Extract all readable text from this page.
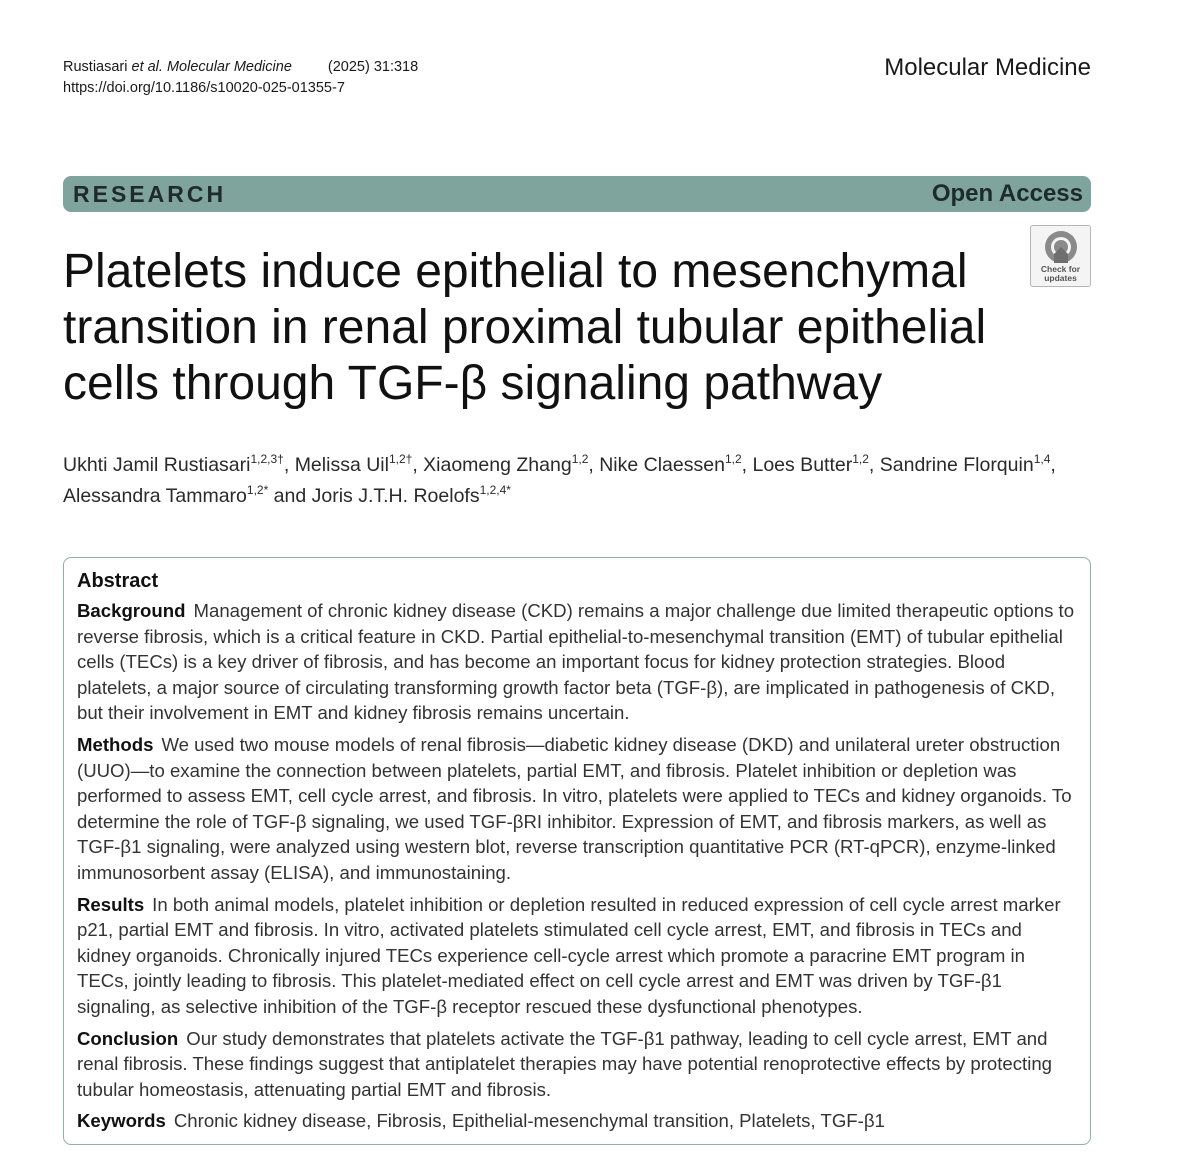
Rustiasari et al. Molecular Medicine (2025) 31:318
https://doi.org/10.1186/s10020-025-01355-7
Molecular Medicine
RESEARCH	Open Access
Check for updates
Platelets induce epithelial to mesenchymal transition in renal proximal tubular epithelial cells through TGF-β signaling pathway
Ukhti Jamil Rustiasari$^{1,2,3\dagger}$, Melissa Uil$^{1,2\dagger}$, Xiaomeng Zhang$^{1,2}$, Nike Claessen$^{1,2}$, Loes Butter$^{1,2}$, Sandrine Florquin$^{1,4}$, Alessandra Tammaro$^{1,2*}$ and Joris J.T.H. Roelofs$^{1,2,4*}$
Abstract

Background Management of chronic kidney disease (CKD) remains a major challenge due limited therapeutic options to reverse fibrosis, which is a critical feature in CKD. Partial epithelial-to-mesenchymal transition (EMT) of tubular epithelial cells (TECs) is a key driver of fibrosis, and has become an important focus for kidney protection strategies. Blood platelets, a major source of circulating transforming growth factor beta (TGF-β), are implicated in pathogenesis of CKD, but their involvement in EMT and kidney fibrosis remains uncertain.

Methods We used two mouse models of renal fibrosis—diabetic kidney disease (DKD) and unilateral ureter obstruction (UUO)—to examine the connection between platelets, partial EMT, and fibrosis. Platelet inhibition or depletion was performed to assess EMT, cell cycle arrest, and fibrosis. In vitro, platelets were applied to TECs and kidney organoids. To determine the role of TGF-β signaling, we used TGF-βRI inhibitor. Expression of EMT, and fibrosis markers, as well as TGF-β1 signaling, were analyzed using western blot, reverse transcription quantitative PCR (RT-qPCR), enzyme-linked immunosorbent assay (ELISA), and immunostaining.

Results In both animal models, platelet inhibition or depletion resulted in reduced expression of cell cycle arrest marker p21, partial EMT and fibrosis. In vitro, activated platelets stimulated cell cycle arrest, EMT, and fibrosis in TECs and kidney organoids. Chronically injured TECs experience cell-cycle arrest which promote a paracrine EMT program in TECs, jointly leading to fibrosis. This platelet-mediated effect on cell cycle arrest and EMT was driven by TGF-β1 signaling, as selective inhibition of the TGF-β receptor rescued these dysfunctional phenotypes.

Conclusion Our study demonstrates that platelets activate the TGF-β1 pathway, leading to cell cycle arrest, EMT and renal fibrosis. These findings suggest that antiplatelet therapies may have potential renoprotective effects by protecting tubular homeostasis, attenuating partial EMT and fibrosis.

Keywords Chronic kidney disease, Fibrosis, Epithelial-mesenchymal transition, Platelets, TGF-β1
